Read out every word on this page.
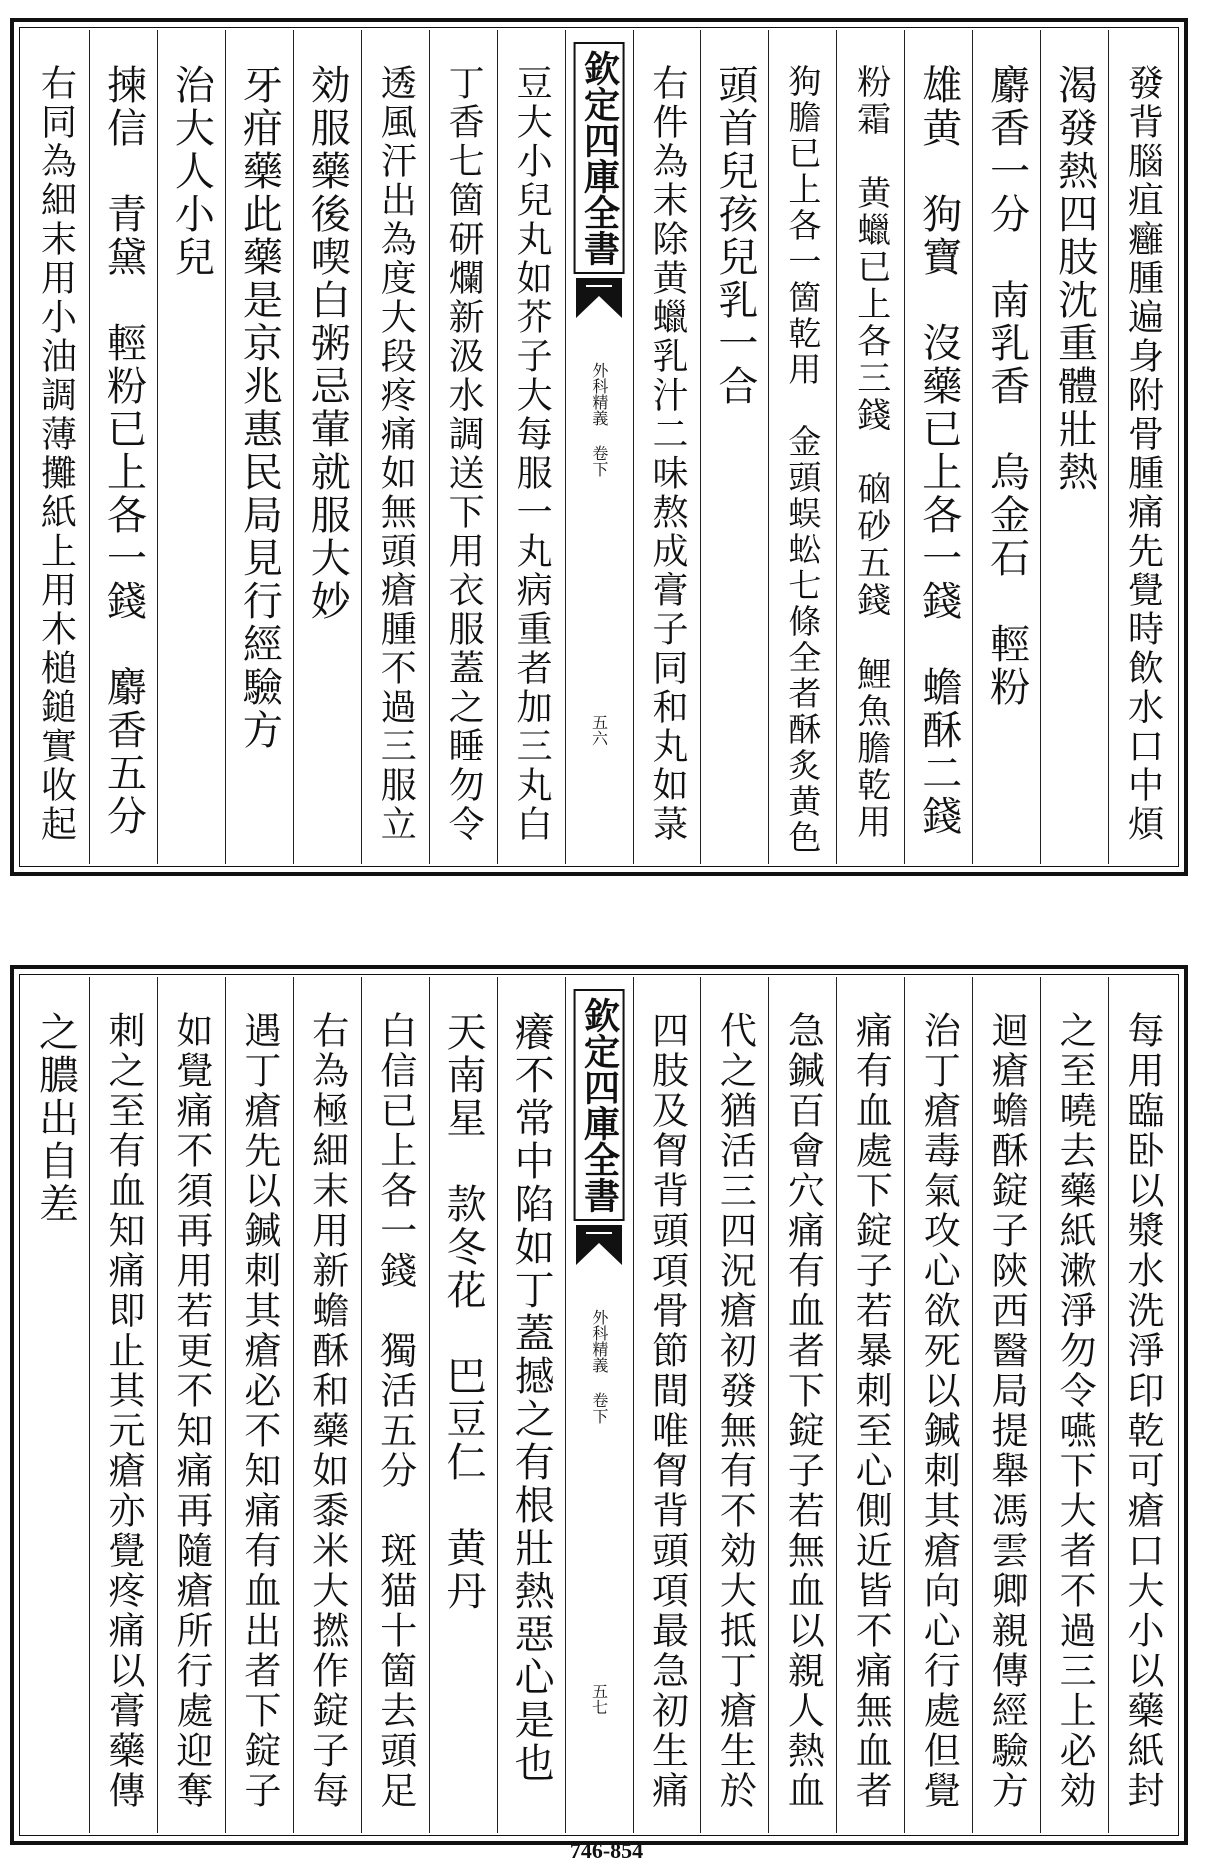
發背腦疽癰腫遍身附骨腫痛先覺時飲水口中煩
渴發熱四肢沈重體壯熱
麝香一分　南乳香　烏金石　輕粉
雄黄　狗寶　沒藥已上各一錢　蟾酥二錢
粉霜　黄蠟已上各三錢　硇砂五錢　鯉魚膽乾用
狗膽已上各一箇乾用　金頭蜈蚣七條全者酥炙黄色
頭首兒孩兒乳一合
右件為末除黄蠟乳汁二味熬成膏子同和丸如菉
欽定四庫全書
外科精義 卷下
五六
豆大小兒丸如芥子大每服一丸病重者加三丸白
丁香七箇研爛新汲水調送下用衣服蓋之睡勿令
透風汗出為度大段疼痛如無頭瘡腫不過三服立
効服藥後喫白粥忌葷就服大妙
牙疳藥此藥是京兆惠民局見行經驗方
治大人小兒
揀信　青黛　輕粉已上各一錢　麝香五分
右同為細末用小油調薄攤紙上用木槌鎚實收起
每用臨卧以漿水洗淨印乾可瘡口大小以藥紙封
之至曉去藥紙漱淨勿令嚥下大者不過三上必効
迴瘡蟾酥錠子陝西醫局提舉馮雲卿親傳經驗方
治丁瘡毒氣攻心欲死以鍼刺其瘡向心行處但覺
痛有血處下錠子若暴刺至心側近皆不痛無血者
急鍼百會穴痛有血者下錠子若無血以親人熱血
代之猶活三四況瘡初發無有不効大抵丁瘡生於
四肢及胷背頭項骨節間唯胷背頭項最急初生痛
欽定四庫全書
外科精義 卷下
五七
癢不常中陷如丁蓋撼之有根壯熱惡心是也
天南星　款冬花　巴豆仁　黄丹
白信已上各一錢　獨活五分　斑猫十箇去頭足
右為極細末用新蟾酥和藥如黍米大撚作錠子每
遇丁瘡先以鍼刺其瘡必不知痛有血出者下錠子
如覺痛不須再用若更不知痛再隨瘡所行處迎奪
刺之至有血知痛即止其元瘡亦覺疼痛以膏藥傳
之膿出自差
746-854
